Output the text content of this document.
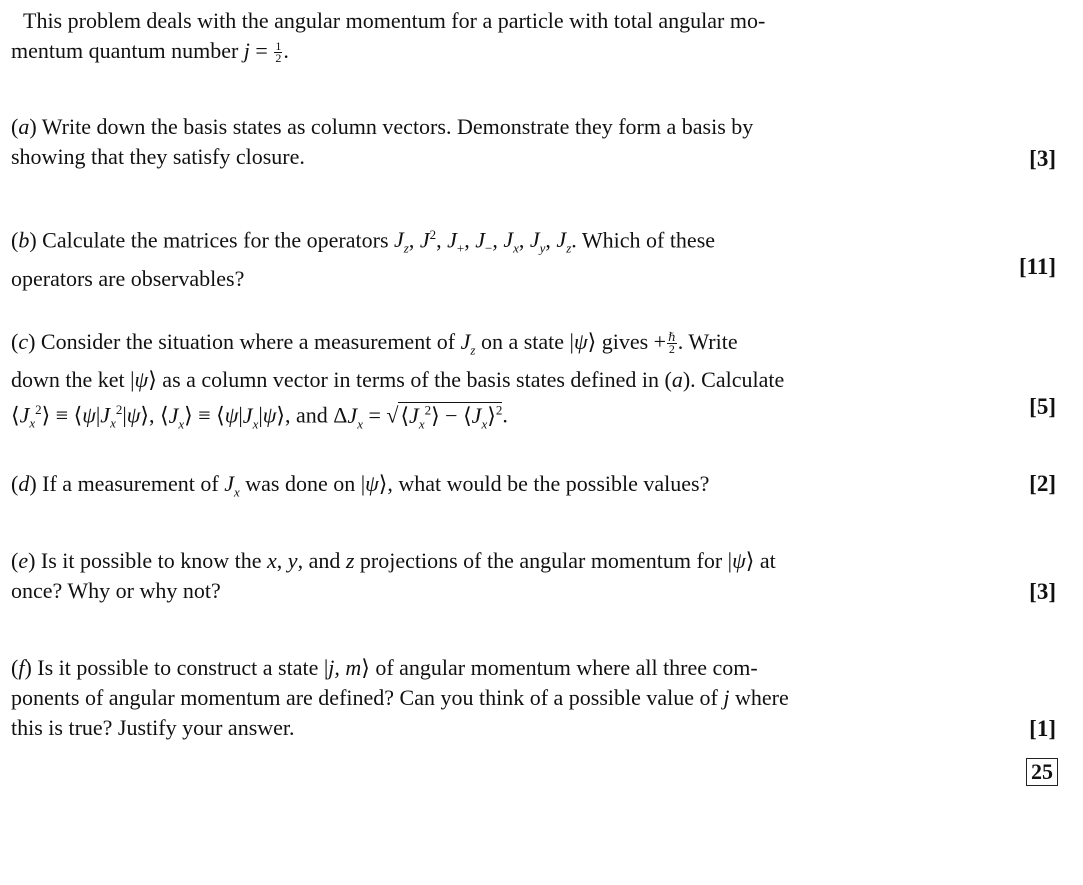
This problem deals with the angular momentum for a particle with total angular mo-
mentum quantum number $j = \frac{1}{2}$ .
(a) Write down the basis states as column vectors. Demonstrate they form a basis by
showing that they satisfy closure.	[3]
(b) Calculate the matrices for the operators $J_z$, $J^2$, $J_+$, $J_-$, $J_x$, $J_y$, $J_z$. Which of these
operators are observables?	[11]
(c) Consider the situation where a measurement of $J_z$ on a state |ψ⟩ gives + $\frac{\text{ℏ}}{2}$ . Write
down the ket |ψ⟩ as a column vector in terms of the basis states defined in (a). Calculate
$⟨J_x^2⟩$ ≡ $⟨\psi|J_x^2|\psi⟩$, $⟨J_x⟩$ ≡ $⟨\psi|J_x|\psi⟩$, and $\Delta J_x$ = $√⟨J_x^2⟩$ − $⟨J_x⟩^2$.	[5]
(d) If a measurement of $J_x$ was done on |ψ⟩, what would be the possible values?	[2]
(e) Is it possible to know the x, y, and z projections of the angular momentum for |ψ⟩ at
once? Why or why not?	[3]
(f) Is it possible to construct a state |j, m⟩ of angular momentum where all three com-
ponents of angular momentum are defined? Can you think of a possible value of j where
this is true? Justify your answer.	[1]
25
